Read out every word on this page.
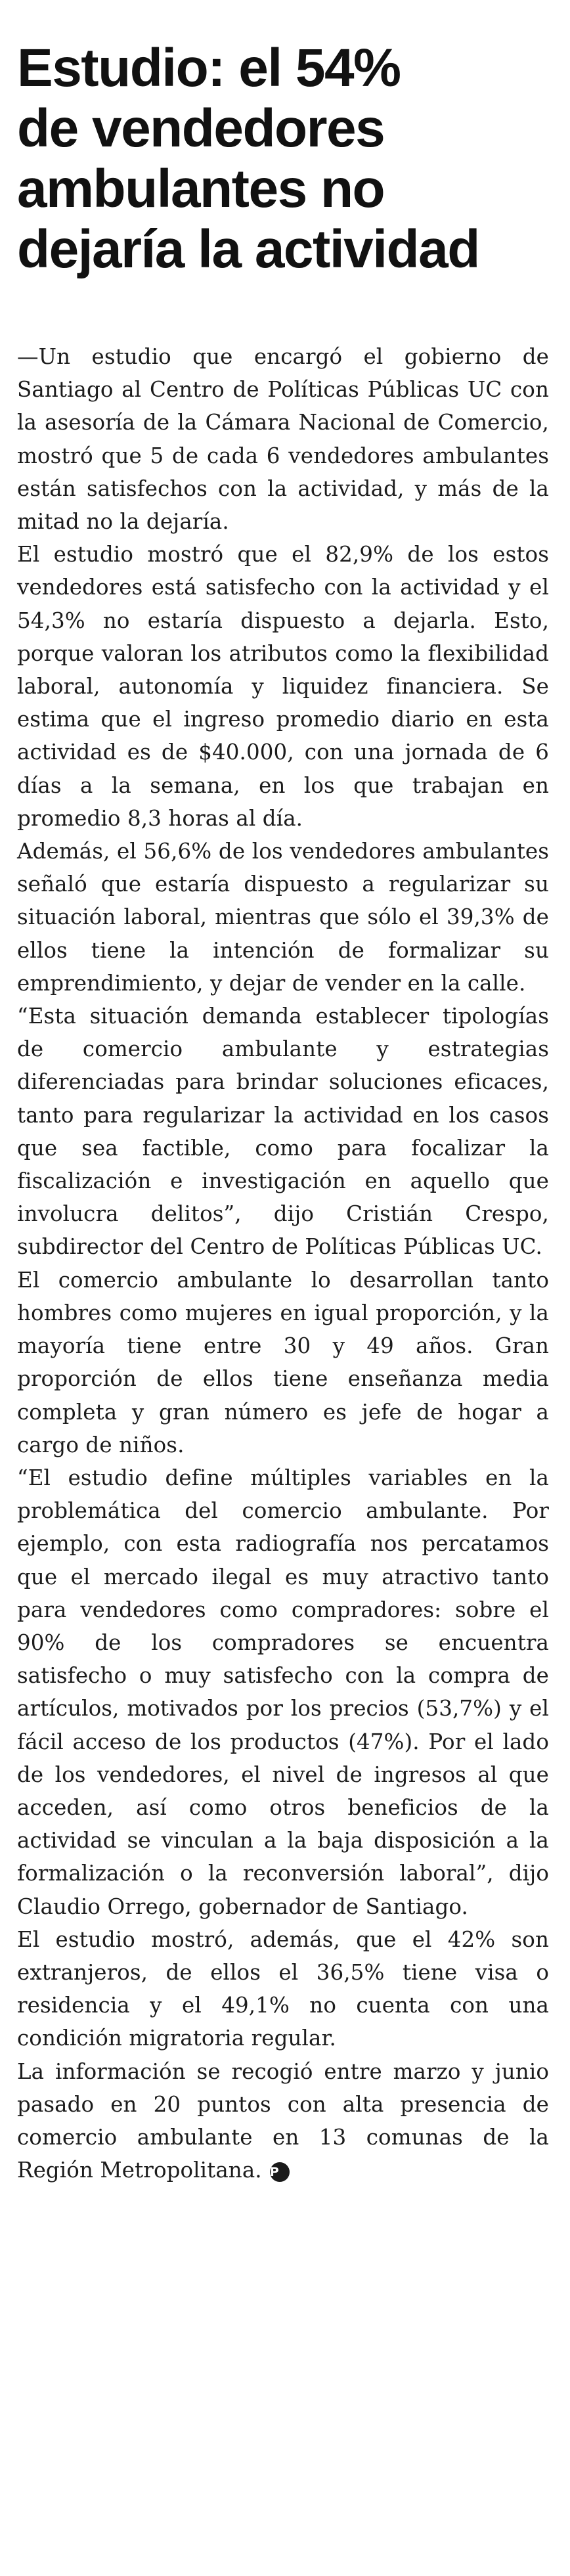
Estudio: el 54%
de vendedores
ambulantes no
dejaría la actividad

—Un estudio que encargó el gobierno de Santiago al Centro de Políticas Públicas UC con la asesoría de la Cámara Nacional de Comercio, mostró que 5 de cada 6 vendedores ambulantes están satisfechos con la actividad, y más de la mitad no la dejaría.

El estudio mostró que el 82,9% de los estos vendedores está satisfecho con la actividad y el 54,3% no estaría dispuesto a dejarla. Esto, porque valoran los atributos como la flexibilidad laboral, autonomía y liquidez financiera. Se estima que el ingreso promedio diario en esta actividad es de $40.000, con una jornada de 6 días a la semana, en los que trabajan en promedio 8,3 horas al día.

Además, el 56,6% de los vendedores ambulantes señaló que estaría dispuesto a regularizar su situación laboral, mientras que sólo el 39,3% de ellos tiene la intención de formalizar su emprendimiento, y dejar de vender en la calle.

“Esta situación demanda establecer tipologías de comercio ambulante y estrategias diferenciadas para brindar soluciones eficaces, tanto para regularizar la actividad en los casos que sea factible, como para focalizar la fiscalización e investigación en aquello que involucra delitos”, dijo Cristián Crespo, subdirector del Centro de Políticas Públicas UC.

El comercio ambulante lo desarrollan tanto hombres como mujeres en igual proporción, y la mayoría tiene entre 30 y 49 años. Gran proporción de ellos tiene enseñanza media completa y gran número es jefe de hogar a cargo de niños.

“El estudio define múltiples variables en la problemática del comercio ambulante. Por ejemplo, con esta radiografía nos percatamos que el mercado ilegal es muy atractivo tanto para vendedores como compradores: sobre el 90% de los compradores se encuentra satisfecho o muy satisfecho con la compra de artículos, motivados por los precios (53,7%) y el fácil acceso de los productos (47%). Por el lado de los vendedores, el nivel de ingresos al que acceden, así como otros beneficios de la actividad se vinculan a la baja disposición a la formalización o la reconversión laboral”, dijo Claudio Orrego, gobernador de Santiago.

El estudio mostró, además, que el 42% son extranjeros, de ellos el 36,5% tiene visa o residencia y el 49,1% no cuenta con una condición migratoria regular.

La información se recogió entre marzo y junio pasado en 20 puntos con alta presencia de comercio ambulante en 13 comunas de la Región Metropolitana. P
